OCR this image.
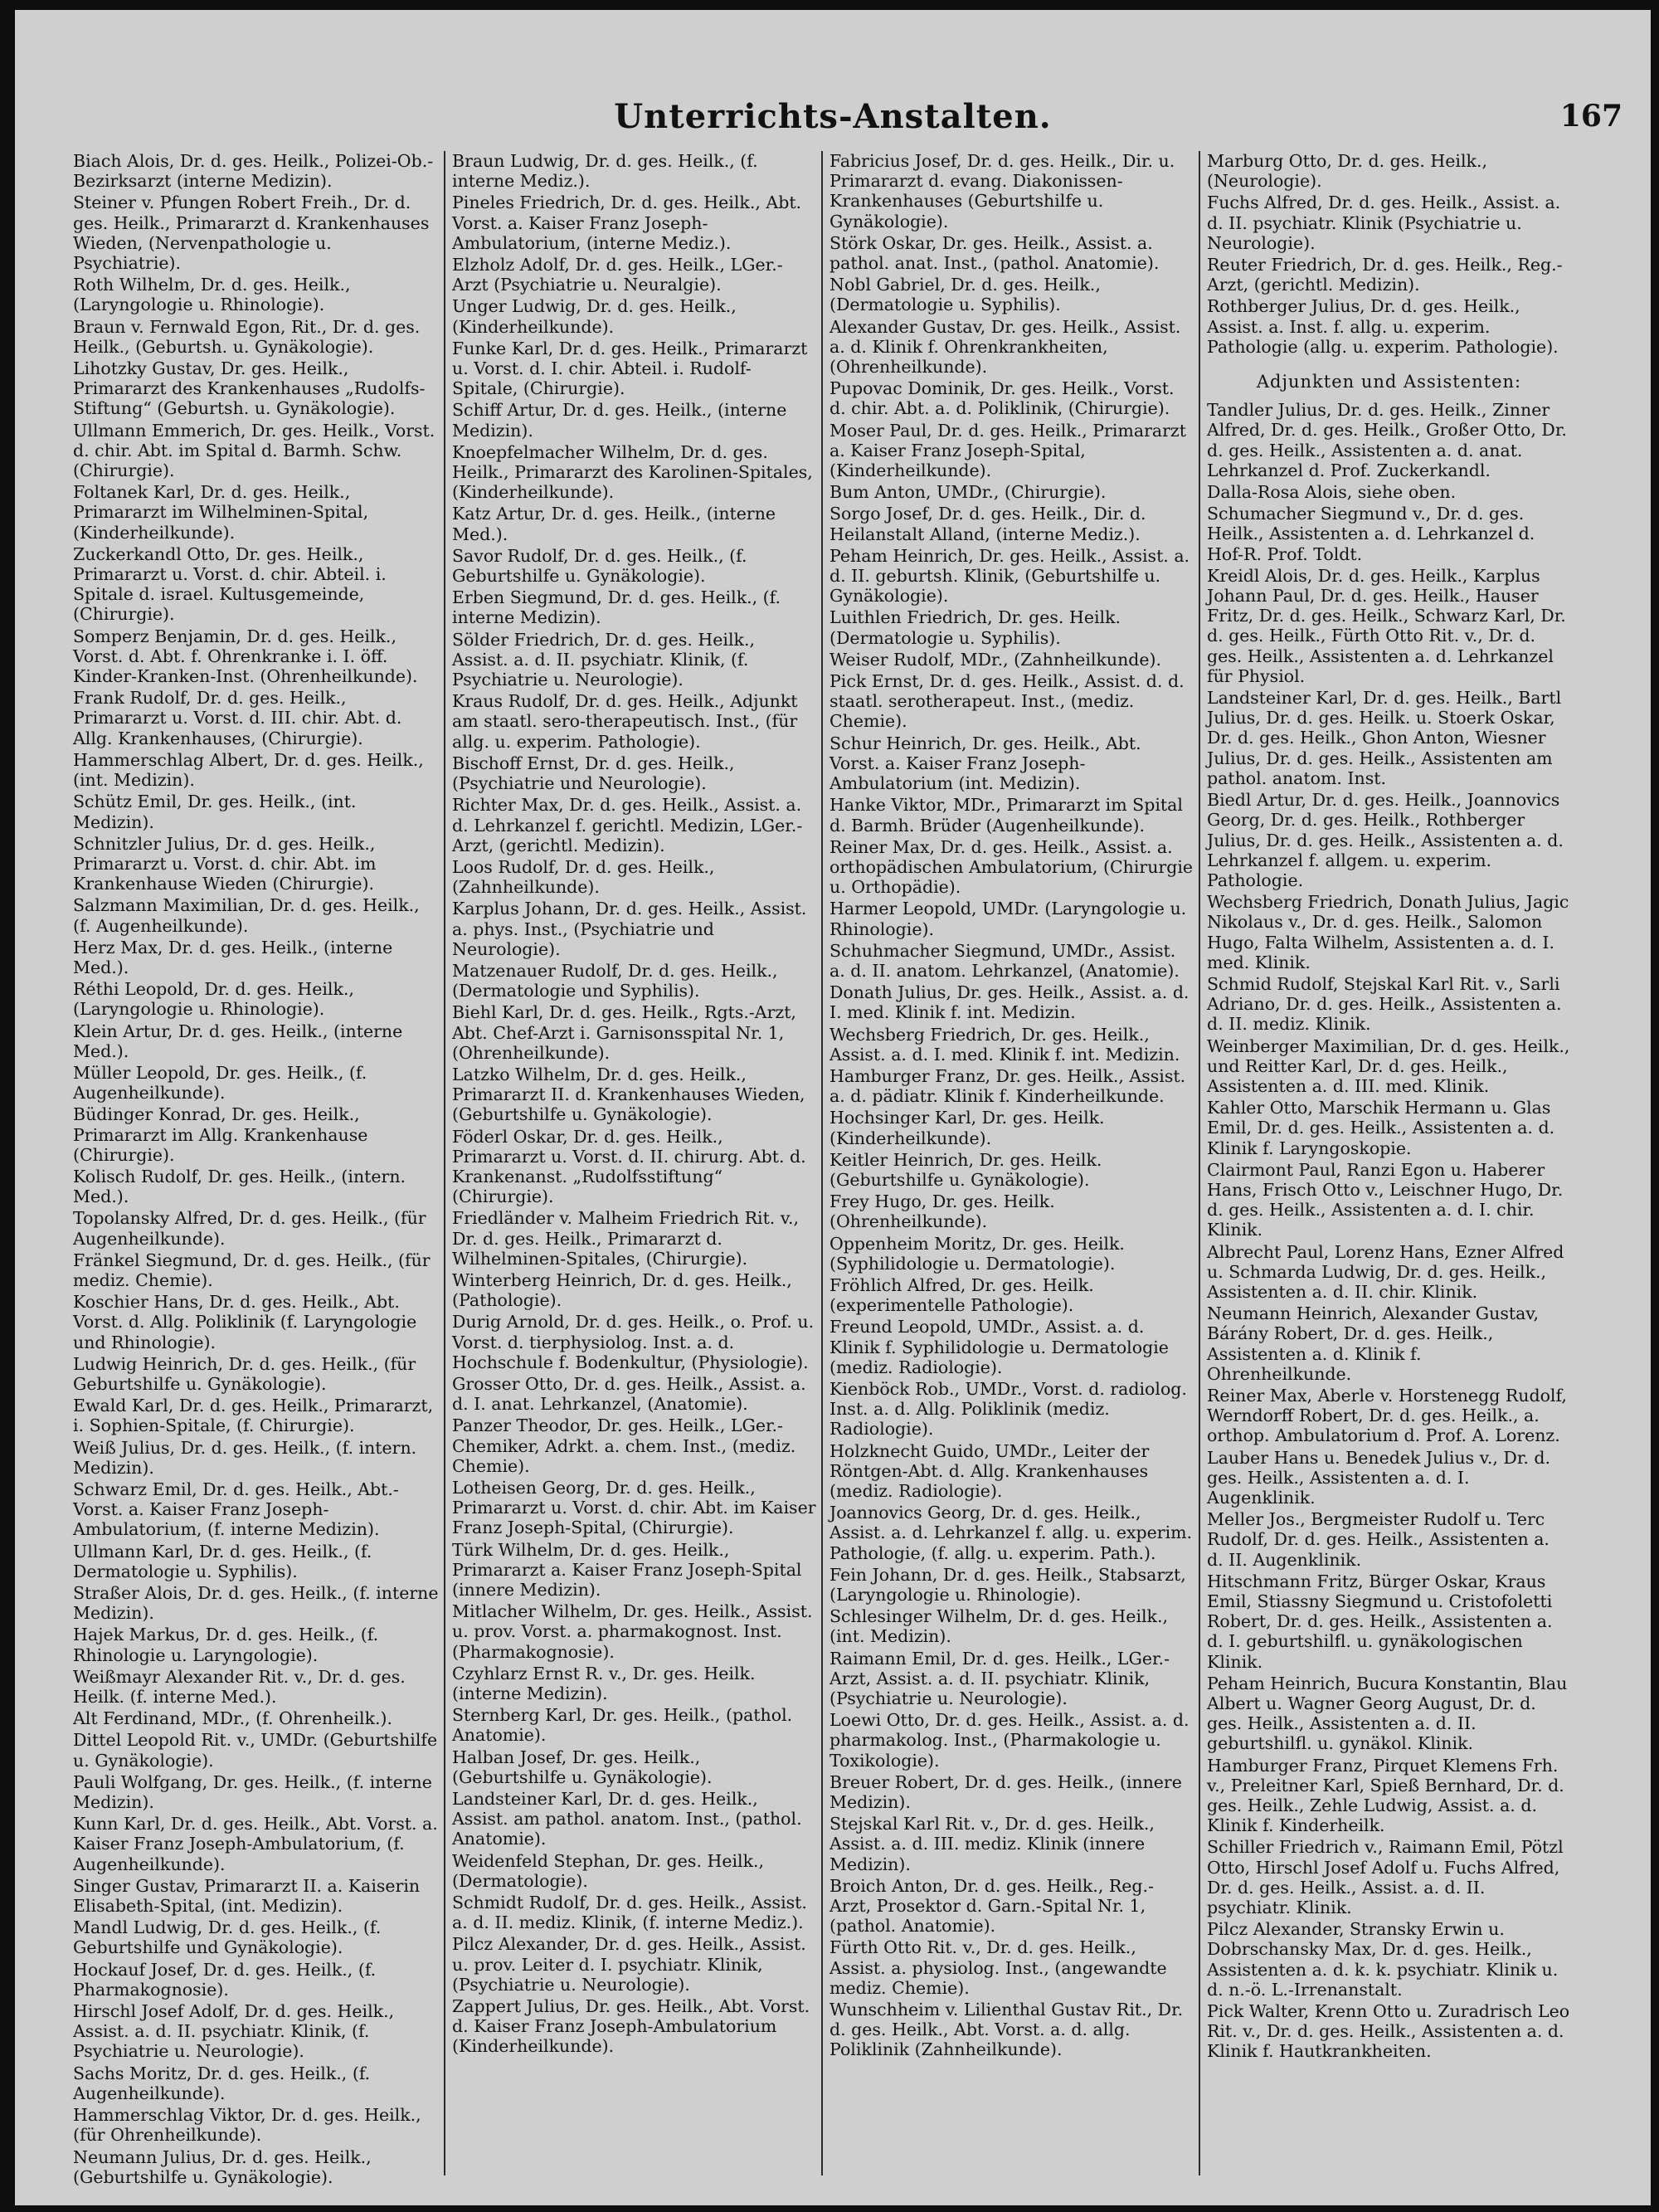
Unterrichts-Anstalten.	167
Biach Alois, Dr. d. ges. Heilk., Polizei-Ob.-Bezirksarzt (interne Medizin).
Steiner v. Pfungen Robert Freih., Dr. d. ges. Heilk., Primararzt d. Krankenhauses Wieden, (Nervenpathologie u. Psychiatrie).
Roth Wilhelm, Dr. d. ges. Heilk., (Laryngologie u. Rhinologie).
Braun v. Fernwald Egon, Rit., Dr. d. ges. Heilk., (Geburtsh. u. Gynäkologie).
Lihotzky Gustav, Dr. ges. Heilk., Primararzt des Krankenhauses „Rudolfs-Stiftung“ (Geburtsh. u. Gynäkologie).
Ullmann Emmerich, Dr. ges. Heilk., Vorst. d. chir. Abt. im Spital d. Barmh. Schw. (Chirurgie).
Foltanek Karl, Dr. d. ges. Heilk., Primararzt im Wilhelminen-Spital, (Kinderheilkunde).
Zuckerkandl Otto, Dr. ges. Heilk., Primararzt u. Vorst. d. chir. Abteil. i. Spitale d. israel. Kultusgemeinde, (Chirurgie).
Somperz Benjamin, Dr. d. ges. Heilk., Vorst. d. Abt. f. Ohrenkranke i. I. öff. Kinder-Kranken-Inst. (Ohrenheilkunde).
Frank Rudolf, Dr. d. ges. Heilk., Primararzt u. Vorst. d. III. chir. Abt. d. Allg. Krankenhauses, (Chirurgie).
Hammerschlag Albert, Dr. d. ges. Heilk., (int. Medizin).
Schütz Emil, Dr. ges. Heilk., (int. Medizin).
Schnitzler Julius, Dr. d. ges. Heilk., Primararzt u. Vorst. d. chir. Abt. im Krankenhause Wieden (Chirurgie).
Salzmann Maximilian, Dr. d. ges. Heilk., (f. Augenheilkunde).
Herz Max, Dr. d. ges. Heilk., (interne Med.).
Réthi Leopold, Dr. d. ges. Heilk., (Laryngologie u. Rhinologie).
Klein Artur, Dr. d. ges. Heilk., (interne Med.).
Müller Leopold, Dr. ges. Heilk., (f. Augenheilkunde).
Büdinger Konrad, Dr. ges. Heilk., Primararzt im Allg. Krankenhause (Chirurgie).
Kolisch Rudolf, Dr. ges. Heilk., (intern. Med.).
Topolansky Alfred, Dr. d. ges. Heilk., (für Augenheilkunde).
Fränkel Siegmund, Dr. d. ges. Heilk., (für mediz. Chemie).
Koschier Hans, Dr. d. ges. Heilk., Abt. Vorst. d. Allg. Poliklinik (f. Laryngologie und Rhinologie).
Ludwig Heinrich, Dr. d. ges. Heilk., (für Geburtshilfe u. Gynäkologie).
Ewald Karl, Dr. d. ges. Heilk., Primararzt, i. Sophien-Spitale, (f. Chirurgie).
Weiß Julius, Dr. d. ges. Heilk., (f. intern. Medizin).
Schwarz Emil, Dr. d. ges. Heilk., Abt.-Vorst. a. Kaiser Franz Joseph-Ambulatorium, (f. interne Medizin).
Ullmann Karl, Dr. d. ges. Heilk., (f. Dermatologie u. Syphilis).
Straßer Alois, Dr. d. ges. Heilk., (f. interne Medizin).
Hajek Markus, Dr. d. ges. Heilk., (f. Rhinologie u. Laryngologie).
Weißmayr Alexander Rit. v., Dr. d. ges. Heilk. (f. interne Med.).
Alt Ferdinand, MDr., (f. Ohrenheilk.).
Dittel Leopold Rit. v., UMDr. (Geburtshilfe u. Gynäkologie).
Pauli Wolfgang, Dr. ges. Heilk., (f. interne Medizin).
Kunn Karl, Dr. d. ges. Heilk., Abt. Vorst. a. Kaiser Franz Joseph-Ambulatorium, (f. Augenheilkunde).
Singer Gustav, Primararzt II. a. Kaiserin Elisabeth-Spital, (int. Medizin).
Mandl Ludwig, Dr. d. ges. Heilk., (f. Geburtshilfe und Gynäkologie).
Hockauf Josef, Dr. d. ges. Heilk., (f. Pharmakognosie).
Hirschl Josef Adolf, Dr. d. ges. Heilk., Assist. a. d. II. psychiatr. Klinik, (f. Psychiatrie u. Neurologie).
Sachs Moritz, Dr. d. ges. Heilk., (f. Augenheilkunde).
Hammerschlag Viktor, Dr. d. ges. Heilk., (für Ohrenheilkunde).
Neumann Julius, Dr. d. ges. Heilk., (Geburtshilfe u. Gynäkologie).
Braun Ludwig, Dr. d. ges. Heilk., (f. interne Mediz.).
Pineles Friedrich, Dr. d. ges. Heilk., Abt. Vorst. a. Kaiser Franz Joseph-Ambulatorium, (interne Mediz.).
Elzholz Adolf, Dr. d. ges. Heilk., LGer.-Arzt (Psychiatrie u. Neuralgie).
Unger Ludwig, Dr. d. ges. Heilk., (Kinderheilkunde).
Funke Karl, Dr. d. ges. Heilk., Primararzt u. Vorst. d. I. chir. Abteil. i. Rudolf-Spitale, (Chirurgie).
Schiff Artur, Dr. d. ges. Heilk., (interne Medizin).
Knoepfelmacher Wilhelm, Dr. d. ges. Heilk., Primararzt des Karolinen-Spitales, (Kinderheilkunde).
Katz Artur, Dr. d. ges. Heilk., (interne Med.).
Savor Rudolf, Dr. d. ges. Heilk., (f. Geburtshilfe u. Gynäkologie).
Erben Siegmund, Dr. d. ges. Heilk., (f. interne Medizin).
Sölder Friedrich, Dr. d. ges. Heilk., Assist. a. d. II. psychiatr. Klinik, (f. Psychiatrie u. Neurologie).
Kraus Rudolf, Dr. d. ges. Heilk., Adjunkt am staatl. sero-therapeutisch. Inst., (für allg. u. experim. Pathologie).
Bischoff Ernst, Dr. d. ges. Heilk., (Psychiatrie und Neurologie).
Richter Max, Dr. d. ges. Heilk., Assist. a. d. Lehrkanzel f. gerichtl. Medizin, LGer.-Arzt, (gerichtl. Medizin).
Loos Rudolf, Dr. d. ges. Heilk., (Zahnheilkunde).
Karplus Johann, Dr. d. ges. Heilk., Assist. a. phys. Inst., (Psychiatrie und Neurologie).
Matzenauer Rudolf, Dr. d. ges. Heilk., (Dermatologie und Syphilis).
Biehl Karl, Dr. d. ges. Heilk., Rgts.-Arzt, Abt. Chef-Arzt i. Garnisonsspital Nr. 1, (Ohrenheilkunde).
Latzko Wilhelm, Dr. d. ges. Heilk., Primararzt II. d. Krankenhauses Wieden, (Geburtshilfe u. Gynäkologie).
Föderl Oskar, Dr. d. ges. Heilk., Primararzt u. Vorst. d. II. chirurg. Abt. d. Krankenanst. „Rudolfsstiftung“ (Chirurgie).
Friedländer v. Malheim Friedrich Rit. v., Dr. d. ges. Heilk., Primararzt d. Wilhelminen-Spitales, (Chirurgie).
Winterberg Heinrich, Dr. d. ges. Heilk., (Pathologie).
Durig Arnold, Dr. d. ges. Heilk., o. Prof. u. Vorst. d. tierphysiolog. Inst. a. d. Hochschule f. Bodenkultur, (Physiologie).
Grosser Otto, Dr. d. ges. Heilk., Assist. a. d. I. anat. Lehrkanzel, (Anatomie).
Panzer Theodor, Dr. ges. Heilk., LGer.-Chemiker, Adrkt. a. chem. Inst., (mediz. Chemie).
Lotheisen Georg, Dr. d. ges. Heilk., Primararzt u. Vorst. d. chir. Abt. im Kaiser Franz Joseph-Spital, (Chirurgie).
Türk Wilhelm, Dr. d. ges. Heilk., Primararzt a. Kaiser Franz Joseph-Spital (innere Medizin).
Mitlacher Wilhelm, Dr. ges. Heilk., Assist. u. prov. Vorst. a. pharmakognost. Inst. (Pharmakognosie).
Czyhlarz Ernst R. v., Dr. ges. Heilk. (interne Medizin).
Sternberg Karl, Dr. ges. Heilk., (pathol. Anatomie).
Halban Josef, Dr. ges. Heilk., (Geburtshilfe u. Gynäkologie).
Landsteiner Karl, Dr. d. ges. Heilk., Assist. am pathol. anatom. Inst., (pathol. Anatomie).
Weidenfeld Stephan, Dr. ges. Heilk., (Dermatologie).
Schmidt Rudolf, Dr. d. ges. Heilk., Assist. a. d. II. mediz. Klinik, (f. interne Mediz.).
Pilcz Alexander, Dr. d. ges. Heilk., Assist. u. prov. Leiter d. I. psychiatr. Klinik, (Psychiatrie u. Neurologie).
Zappert Julius, Dr. ges. Heilk., Abt. Vorst. d. Kaiser Franz Joseph-Ambulatorium (Kinderheilkunde).
Fabricius Josef, Dr. d. ges. Heilk., Dir. u. Primararzt d. evang. Diakonissen-Krankenhauses (Geburtshilfe u. Gynäkologie).
Störk Oskar, Dr. ges. Heilk., Assist. a. pathol. anat. Inst., (pathol. Anatomie).
Nobl Gabriel, Dr. d. ges. Heilk., (Dermatologie u. Syphilis).
Alexander Gustav, Dr. ges. Heilk., Assist. a. d. Klinik f. Ohrenkrankheiten, (Ohrenheilkunde).
Pupovac Dominik, Dr. ges. Heilk., Vorst. d. chir. Abt. a. d. Poliklinik, (Chirurgie).
Moser Paul, Dr. d. ges. Heilk., Primararzt a. Kaiser Franz Joseph-Spital, (Kinderheilkunde).
Bum Anton, UMDr., (Chirurgie).
Sorgo Josef, Dr. d. ges. Heilk., Dir. d. Heilanstalt Alland, (interne Mediz.).
Peham Heinrich, Dr. ges. Heilk., Assist. a. d. II. geburtsh. Klinik, (Geburtshilfe u. Gynäkologie).
Luithlen Friedrich, Dr. ges. Heilk. (Dermatologie u. Syphilis).
Weiser Rudolf, MDr., (Zahnheilkunde).
Pick Ernst, Dr. d. ges. Heilk., Assist. d. d. staatl. serotherapeut. Inst., (mediz. Chemie).
Schur Heinrich, Dr. ges. Heilk., Abt. Vorst. a. Kaiser Franz Joseph-Ambulatorium (int. Medizin).
Hanke Viktor, MDr., Primararzt im Spital d. Barmh. Brüder (Augenheilkunde).
Reiner Max, Dr. d. ges. Heilk., Assist. a. orthopädischen Ambulatorium, (Chirurgie u. Orthopädie).
Harmer Leopold, UMDr. (Laryngologie u. Rhinologie).
Schuhmacher Siegmund, UMDr., Assist. a. d. II. anatom. Lehrkanzel, (Anatomie).
Donath Julius, Dr. ges. Heilk., Assist. a. d. I. med. Klinik f. int. Medizin.
Wechsberg Friedrich, Dr. ges. Heilk., Assist. a. d. I. med. Klinik f. int. Medizin.
Hamburger Franz, Dr. ges. Heilk., Assist. a. d. pädiatr. Klinik f. Kinderheilkunde.
Hochsinger Karl, Dr. ges. Heilk. (Kinderheilkunde).
Keitler Heinrich, Dr. ges. Heilk. (Geburtshilfe u. Gynäkologie).
Frey Hugo, Dr. ges. Heilk. (Ohrenheilkunde).
Oppenheim Moritz, Dr. ges. Heilk. (Syphilidologie u. Dermatologie).
Fröhlich Alfred, Dr. ges. Heilk. (experimentelle Pathologie).
Freund Leopold, UMDr., Assist. a. d. Klinik f. Syphilidologie u. Dermatologie (mediz. Radiologie).
Kienböck Rob., UMDr., Vorst. d. radiolog. Inst. a. d. Allg. Poliklinik (mediz. Radiologie).
Holzknecht Guido, UMDr., Leiter der Röntgen-Abt. d. Allg. Krankenhauses (mediz. Radiologie).
Joannovics Georg, Dr. d. ges. Heilk., Assist. a. d. Lehrkanzel f. allg. u. experim. Pathologie, (f. allg. u. experim. Path.).
Fein Johann, Dr. d. ges. Heilk., Stabsarzt, (Laryngologie u. Rhinologie).
Schlesinger Wilhelm, Dr. d. ges. Heilk., (int. Medizin).
Raimann Emil, Dr. d. ges. Heilk., LGer.-Arzt, Assist. a. d. II. psychiatr. Klinik, (Psychiatrie u. Neurologie).
Loewi Otto, Dr. d. ges. Heilk., Assist. a. d. pharmakolog. Inst., (Pharmakologie u. Toxikologie).
Breuer Robert, Dr. d. ges. Heilk., (innere Medizin).
Stejskal Karl Rit. v., Dr. d. ges. Heilk., Assist. a. d. III. mediz. Klinik (innere Medizin).
Broich Anton, Dr. d. ges. Heilk., Reg.-Arzt, Prosektor d. Garn.-Spital Nr. 1, (pathol. Anatomie).
Fürth Otto Rit. v., Dr. d. ges. Heilk., Assist. a. physiolog. Inst., (angewandte mediz. Chemie).
Wunschheim v. Lilienthal Gustav Rit., Dr. d. ges. Heilk., Abt. Vorst. a. d. allg. Poliklinik (Zahnheilkunde).
Marburg Otto, Dr. d. ges. Heilk., (Neurologie).
Fuchs Alfred, Dr. d. ges. Heilk., Assist. a. d. II. psychiatr. Klinik (Psychiatrie u. Neurologie).
Reuter Friedrich, Dr. d. ges. Heilk., Reg.-Arzt, (gerichtl. Medizin).
Rothberger Julius, Dr. d. ges. Heilk., Assist. a. Inst. f. allg. u. experim. Pathologie (allg. u. experim. Pathologie).
Adjunkten und Assistenten:
Tandler Julius, Dr. d. ges. Heilk., Zinner Alfred, Dr. d. ges. Heilk., Großer Otto, Dr. d. ges. Heilk., Assistenten a. d. anat. Lehrkanzel d. Prof. Zuckerkandl.
Dalla-Rosa Alois, siehe oben.
Schumacher Siegmund v., Dr. d. ges. Heilk., Assistenten a. d. Lehrkanzel d. Hof-R. Prof. Toldt.
Kreidl Alois, Dr. d. ges. Heilk., Karplus Johann Paul, Dr. d. ges. Heilk., Hauser Fritz, Dr. d. ges. Heilk., Schwarz Karl, Dr. d. ges. Heilk., Fürth Otto Rit. v., Dr. d. ges. Heilk., Assistenten a. d. Lehrkanzel für Physiol.
Landsteiner Karl, Dr. d. ges. Heilk., Bartl Julius, Dr. d. ges. Heilk. u. Stoerk Oskar, Dr. d. ges. Heilk., Ghon Anton, Wiesner Julius, Dr. d. ges. Heilk., Assistenten am pathol. anatom. Inst.
Biedl Artur, Dr. d. ges. Heilk., Joannovics Georg, Dr. d. ges. Heilk., Rothberger Julius, Dr. d. ges. Heilk., Assistenten a. d. Lehrkanzel f. allgem. u. experim. Pathologie.
Wechsberg Friedrich, Donath Julius, Jagic Nikolaus v., Dr. d. ges. Heilk., Salomon Hugo, Falta Wilhelm, Assistenten a. d. I. med. Klinik.
Schmid Rudolf, Stejskal Karl Rit. v., Sarli Adriano, Dr. d. ges. Heilk., Assistenten a. d. II. mediz. Klinik.
Weinberger Maximilian, Dr. d. ges. Heilk., und Reitter Karl, Dr. d. ges. Heilk., Assistenten a. d. III. med. Klinik.
Kahler Otto, Marschik Hermann u. Glas Emil, Dr. d. ges. Heilk., Assistenten a. d. Klinik f. Laryngoskopie.
Clairmont Paul, Ranzi Egon u. Haberer Hans, Frisch Otto v., Leischner Hugo, Dr. d. ges. Heilk., Assistenten a. d. I. chir. Klinik.
Albrecht Paul, Lorenz Hans, Ezner Alfred u. Schmarda Ludwig, Dr. d. ges. Heilk., Assistenten a. d. II. chir. Klinik.
Neumann Heinrich, Alexander Gustav, Bárány Robert, Dr. d. ges. Heilk., Assistenten a. d. Klinik f. Ohrenheilkunde.
Reiner Max, Aberle v. Horstenegg Rudolf, Werndorff Robert, Dr. d. ges. Heilk., a. orthop. Ambulatorium d. Prof. A. Lorenz.
Lauber Hans u. Benedek Julius v., Dr. d. ges. Heilk., Assistenten a. d. I. Augenklinik.
Meller Jos., Bergmeister Rudolf u. Terc Rudolf, Dr. d. ges. Heilk., Assistenten a. d. II. Augenklinik.
Hitschmann Fritz, Bürger Oskar, Kraus Emil, Stiassny Siegmund u. Cristofoletti Robert, Dr. d. ges. Heilk., Assistenten a. d. I. geburtshilfl. u. gynäkologischen Klinik.
Peham Heinrich, Bucura Konstantin, Blau Albert u. Wagner Georg August, Dr. d. ges. Heilk., Assistenten a. d. II. geburtshilfl. u. gynäkol. Klinik.
Hamburger Franz, Pirquet Klemens Frh. v., Preleitner Karl, Spieß Bernhard, Dr. d. ges. Heilk., Zehle Ludwig, Assist. a. d. Klinik f. Kinderheilk.
Schiller Friedrich v., Raimann Emil, Pötzl Otto, Hirschl Josef Adolf u. Fuchs Alfred, Dr. d. ges. Heilk., Assist. a. d. II. psychiatr. Klinik.
Pilcz Alexander, Stransky Erwin u. Dobrschansky Max, Dr. d. ges. Heilk., Assistenten a. d. k. k. psychiatr. Klinik u. d. n.-ö. L.-Irrenanstalt.
Pick Walter, Krenn Otto u. Zuradrisch Leo Rit. v., Dr. d. ges. Heilk., Assistenten a. d. Klinik f. Hautkrankheiten.
